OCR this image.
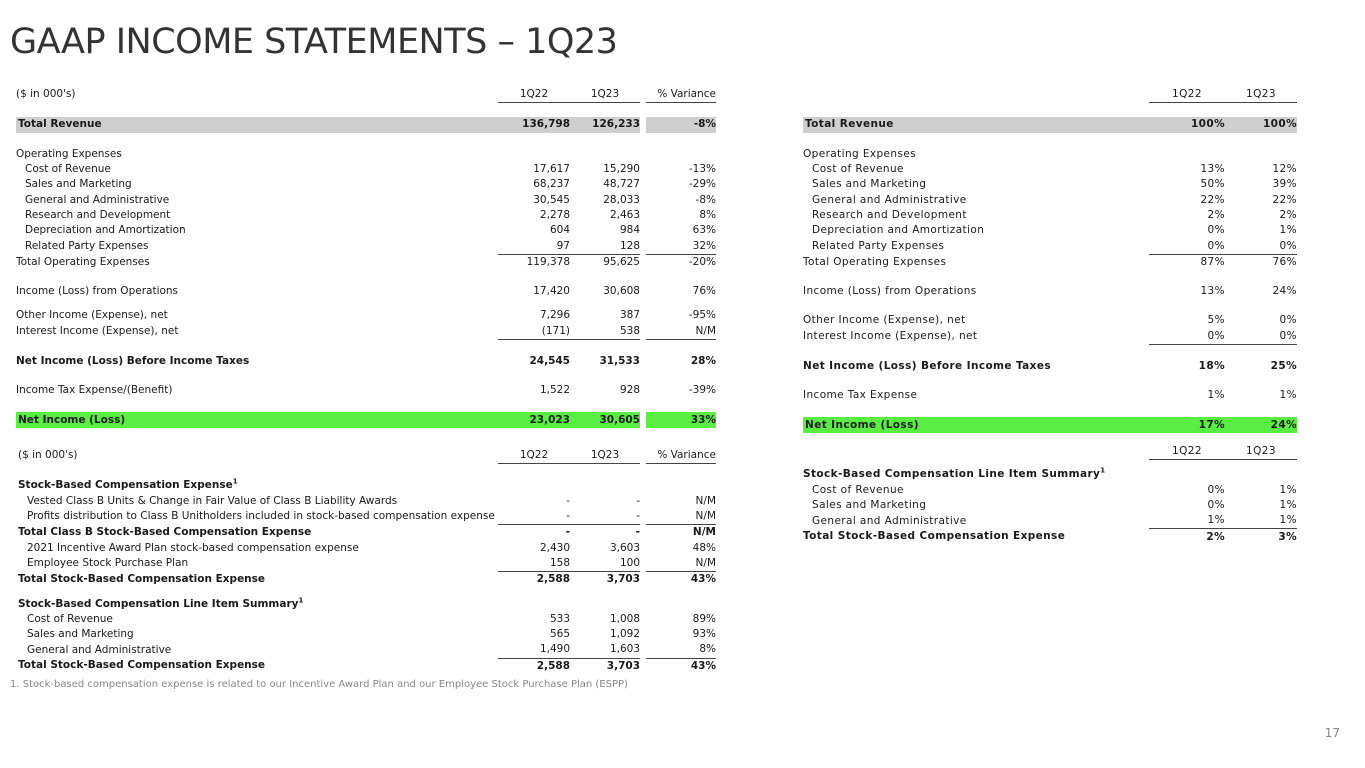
GAAP INCOME STATEMENTS – 1Q23
($ in 000's)		1Q22	1Q23		% Variance

Total Revenue		136,798	126,233		-8%

Operating Expenses					
Cost of Revenue		17,617	15,290		-13%
Sales and Marketing		68,237	48,727		-29%
General and Administrative		30,545	28,033		-8%
Research and Development		2,278	2,463		8%
Depreciation and Amortization		604	984		63%
Related Party Expenses		97	128		32%
Total Operating Expenses		119,378	95,625		-20%

Income (Loss) from Operations		17,420	30,608		76%

Other Income (Expense), net		7,296	387		-95%
Interest Income (Expense), net		(171)	538		N/M

Net Income (Loss) Before Income Taxes		24,545	31,533		28%

Income Tax Expense/(Benefit)		1,522	928		-39%

Net Income (Loss)		23,023	30,605		33%
($ in 000's)		1Q22	1Q23		% Variance

Stock-Based Compensation Expense$^1$					
Vested Class B Units & Change in Fair Value of Class B Liability Awards		-	-		N/M
Profits distribution to Class B Unitholders included in stock-based compensation expense		-	-		N/M
Total Class B Stock-Based Compensation Expense		-	-		N/M
2021 Incentive Award Plan stock-based compensation expense		2,430	3,603		48%
Employee Stock Purchase Plan		158	100		N/M
Total Stock-Based Compensation Expense		2,588	3,703		43%

Stock-Based Compensation Line Item Summary$^1$					
Cost of Revenue		533	1,008		89%
Sales and Marketing		565	1,092		93%
General and Administrative		1,490	1,603		8%
Total Stock-Based Compensation Expense		2,588	3,703		43%
		1Q22	1Q23

Total Revenue		100%	100%

Operating Expenses			
Cost of Revenue		13%	12%
Sales and Marketing		50%	39%
General and Administrative		22%	22%
Research and Development		2%	2%
Depreciation and Amortization		0%	1%
Related Party Expenses		0%	0%
Total Operating Expenses		87%	76%

Income (Loss) from Operations		13%	24%

Other Income (Expense), net		5%	0%
Interest Income (Expense), net		0%	0%

Net Income (Loss) Before Income Taxes		18%	25%

Income Tax Expense		1%	1%

Net Income (Loss)		17%	24%
		1Q22	1Q23

Stock-Based Compensation Line Item Summary$^1$			
Cost of Revenue		0%	1%
Sales and Marketing		0%	1%
General and Administrative		1%	1%
Total Stock-Based Compensation Expense		2%	3%
1. Stock-based compensation expense is related to our Incentive Award Plan and our Employee Stock Purchase Plan (ESPP)
17
